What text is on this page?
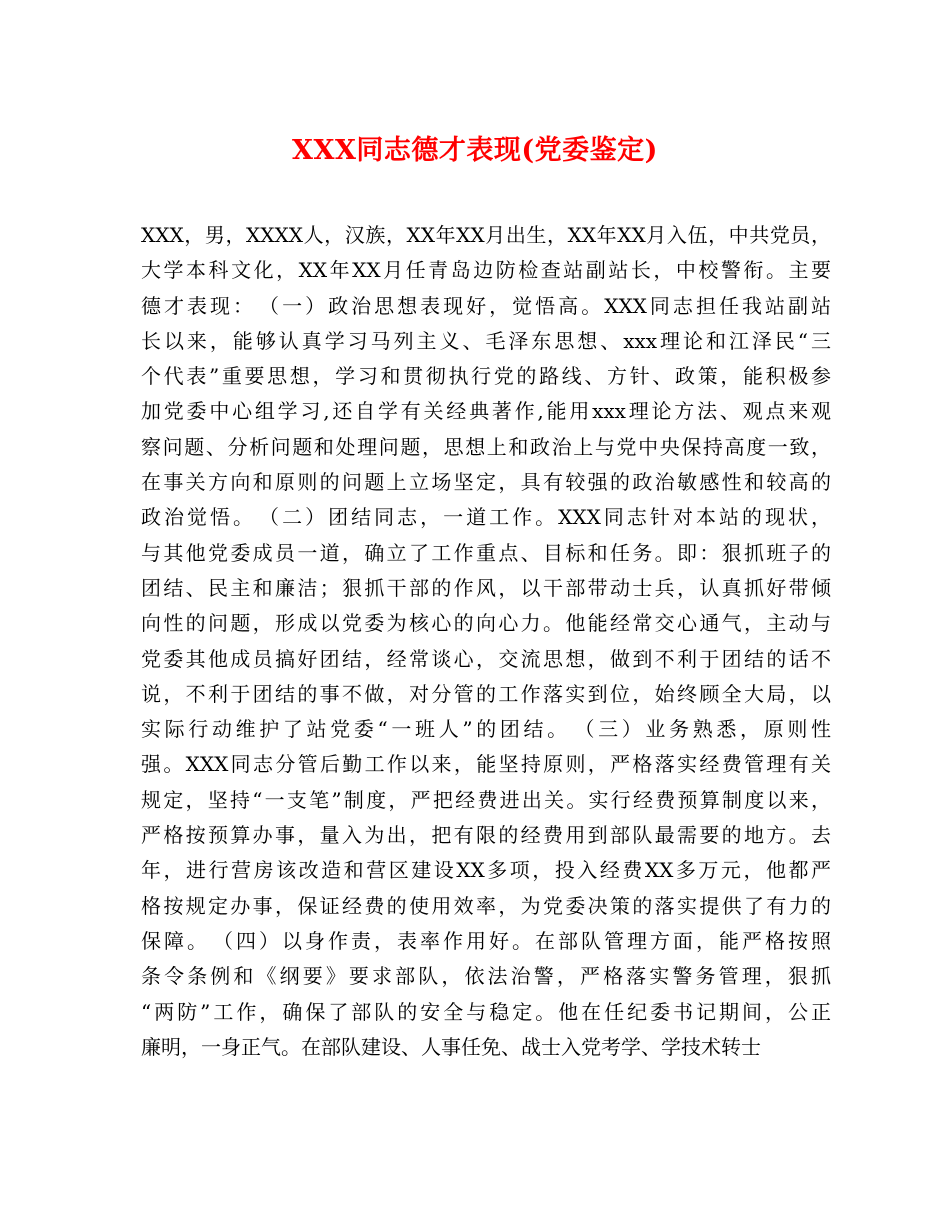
XXX同志德才表现(党委鉴定)
XXX，男，XXXX人，汉族，XX年XX月出生，XX年XX月入伍，中共党员，
大学本科文化，XX年XX月任青岛边防检查站副站长，中校警衔。主要
德才表现：　（一）政治思想表现好，觉悟高。XXX同志担任我站副站
长以来，能够认真学习马列主义、毛泽东思想、xxx理论和江泽民“三
个代表”重要思想，学习和贯彻执行党的路线、方针、政策，能积极参
加党委中心组学习,还自学有关经典著作,能用xxx理论方法、观点来观
察问题、分析问题和处理问题，思想上和政治上与党中央保持高度一致，
在事关方向和原则的问题上立场坚定，具有较强的政治敏感性和较高的
政治觉悟。　（二）团结同志，一道工作。XXX同志针对本站的现状，
与其他党委成员一道，确立了工作重点、目标和任务。即：狠抓班子的
团结、民主和廉洁；狠抓干部的作风，以干部带动士兵，认真抓好带倾
向性的问题，形成以党委为核心的向心力。他能经常交心通气，主动与
党委其他成员搞好团结，经常谈心，交流思想，做到不利于团结的话不
说，不利于团结的事不做，对分管的工作落实到位，始终顾全大局，以
实际行动维护了站党委“一班人”的团结。　（三）业务熟悉，原则性
强。XXX同志分管后勤工作以来，能坚持原则，严格落实经费管理有关
规定，坚持“一支笔”制度，严把经费进出关。实行经费预算制度以来，
严格按预算办事，量入为出，把有限的经费用到部队最需要的地方。去
年，进行营房该改造和营区建设XX多项，投入经费XX多万元，他都严
格按规定办事，保证经费的使用效率，为党委决策的落实提供了有力的
保障。　（四）以身作责，表率作用好。在部队管理方面，能严格按照
条令条例和《纲要》要求部队，依法治警，严格落实警务管理，狠抓
“两防”工作，确保了部队的安全与稳定。他在任纪委书记期间，公正
廉明，一身正气。在部队建设、人事任免、战士入党考学、学技术转士
